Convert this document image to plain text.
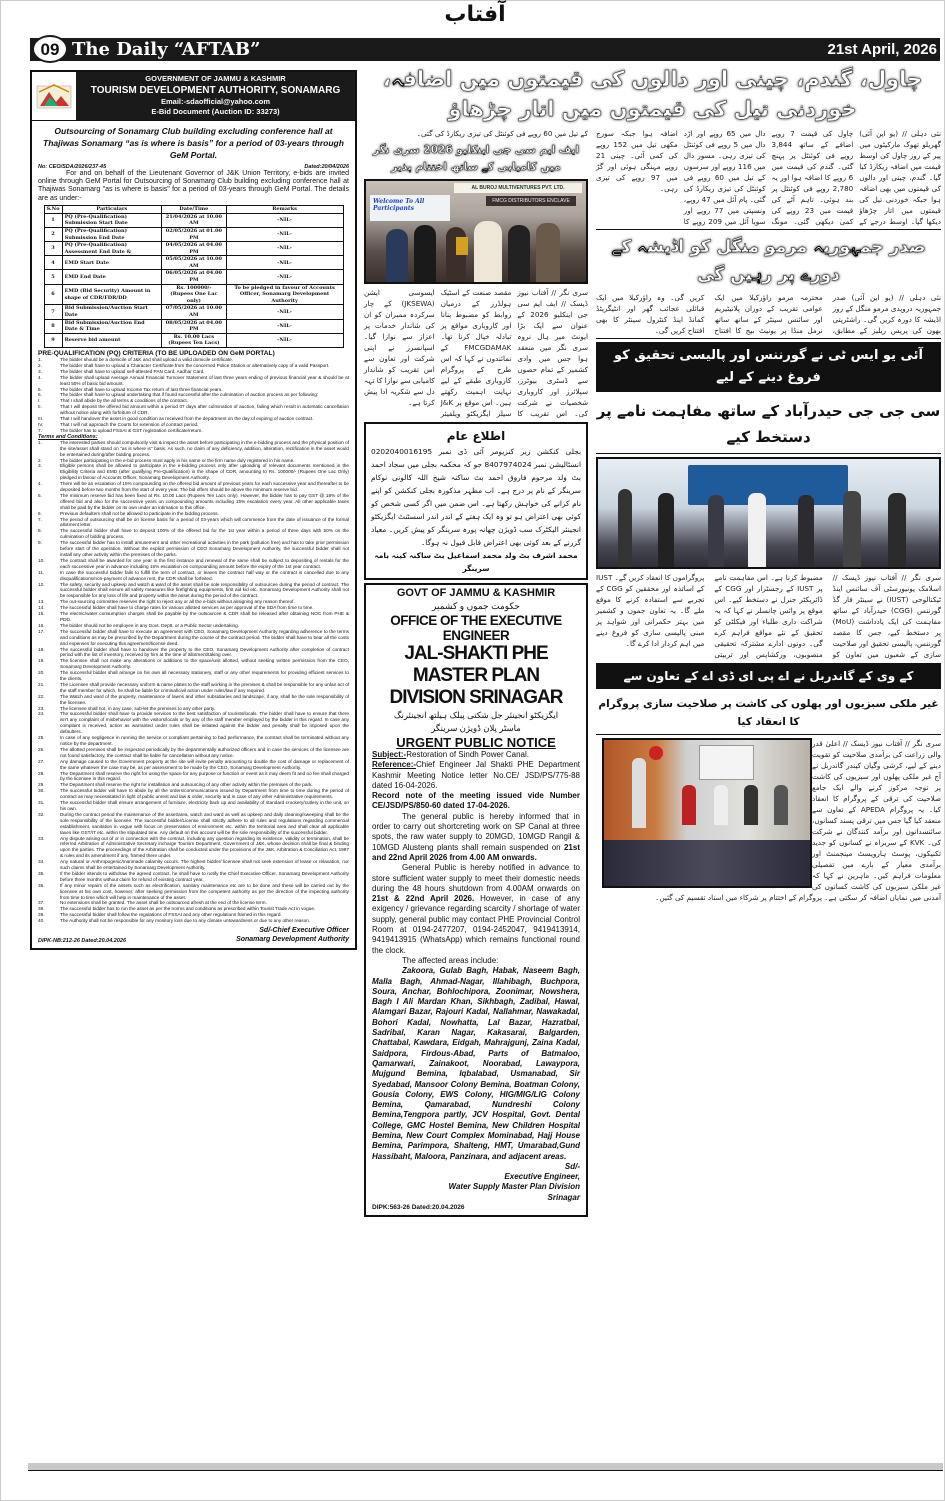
09 The Daily “AFTAB”	21st April, 2026
آفتاب
GOVERNMENT OF JAMMU & KASHMIR
TOURISM DEVELOPMENT AUTHORITY, SONAMARG
Email:-sdaofficial@yahoo.com
E-Bid Document (Auction ID: 33273)
Outsourcing of Sonamarg Club building excluding conference hall at Thajiwas Sonamarg “as is where is basis” for a period of 03-years through GeM Portal.
No: CEO/SDA/2026/237-45	Dated:20/04/2026
For and on behalf of the Lieutenant Governor of J&K Union Territory, e-bids are invited online through GeM Portal for Outsourcing of Sonamarg Club building excluding conference hall at Thajiwas Sonamarg "as is where is basis" for a period of 03-years through GeM Portal. The details are as under:-
S.No	Particulars	Date/Time	Remarks
1	PQ (Pre-Qualification) Submission Start Date	21/04/2026 at 10.00 AM	-NIL-
2	PQ (Pre-Qualification) Submission End Date	02/05/2026 at 01.00 PM	-NIL-
3	PQ (Pre-Qualification) Assessment End Date &	04/05/2026 at 04.00 PM	-NIL-
4	EMD Start Date	05/05/2026 at 10.00 AM	-NIL-
5	EMD End Date	06/05/2026 at 04.00 PM	-NIL-
6	EMD (Bid Security) Amount in shape of CDR/FDR/DD	Rs. 100000/- (Rupees One Lac only)	To be pledged in favour of Accounts Officer, Sonamarg Development Authority
7	Bid Submission/Auction Start Date	07/05/2026 at 10.00 AM	-NIL-
8	Bid Submission/Auction End Date & Time	08/05/2026 at 04.00 PM	-NIL-
9	Reserve bid amount	Rs. 10.00 Lacs (Rupees Ten Lacs)	-NIL-
PRE-QUALIFICATION (PQ) CRITERIA (TO BE UPLOADED ON GeM PORTAL)
1.	The bidder should be a domicile of J&K and shall upload a valid domicile certificate.
2.	The bidder shall have to upload a Character Certificate from the concerned Police Station or alternatively copy of a valid Passport.
3.	The bidder shall have to upload self-attested PAN Card, Aadhar Card.
4.	The bidder shall upload Average Annual Financial Turnover Statement of last three years ending of previous financial year & should be at least 50% of basic bid amount.
5.	The bidder shall have to upload Income Tax return of last three financial years.
6.	The bidder shall have to upload undertaking that if found successful after the culmination of auction process as per following:
I.	That I shall abide by the all terms & conditions of the contract.
II.	That I will deposit the offered bid amount within a period 07 days after culmination of auction, failing which result in automatic cancellation without notice along with forfeiture of CDR.
III.	That I will handover the asset in good condition as received from the department on the day of expiring of auction contract.
IV.	That I will not approach the Courts for extension of contract period.
7.	The bidder has to upload FSSAI & GST registration certificate/return.
Terms and Conditions:
1.	The interested parties should compulsorily visit & inspect the asset before participating in the e-bidding process and the physical position of the site/asset shall stand on "as is where is" basis. As such, no claim of any deficiency, addition, alteration, rectification in the asset would be entertained during/after bidding process.
2.	The bidder participating in the e-bid process must apply in his name or the firm name duly registered in his name.
3.	Eligible persons shall be allowed to participate in the e-bidding process only after uploading of relevant documents mentioned in the Eligibility Criteria and EMD (after qualifying Pre-Qualification) in the shape of CDR, amounting to Rs. 100000/- (Rupees One Lac Only) pledged in favour of Accounts Officer, Sonamarg Development Authority.
4.	There will be an escalation of 15% compounding on the offered bid amount of previous years for each successive year and thereafter to be deposited before two months from the start of every year. The bid offers should be above the minimum reserve bid.
5.	The minimum reserve bid has been fixed at Rs. 10.00 Lacs (Rupees Ten Lacs only). However, the bidder has to pay GST @ 18% of the offered bid and also for the successive years on compounding amounts including 15% escalation every year. All other applicable taxes shall be paid by the bidder on its own under an intimation to this office.
6.	Previous defaulters shall not be allowed to participate in the bidding process.
7.	The period of outsourcing shall be on license basis for a period of 03-years which will commence from the date of issuance of the formal allotment letter.
8.	The successful bidder shall have to deposit 100% of the offered bid for the 1st year within a period of three days with 50% on the culmination of bidding process.
9.	The successful bidder has to install amusement and other recreational activities in the park (pollution free) and has to take prior permission before start of the operation. Without the explicit permission of CEO Sonamarg Development Authority, the successful bidder shall not install any other activity within the premises of the parks.
10.	The contract shall be awarded for one year in the first instance and renewal of the same shall be subject to depositing of rentals for the each successive year in advance including 15% escalation on compounding amount before the expiry of the 1st year contract.
11.	In case the successful bidder fails to fulfill the term of contract, or leaves the contract half way or the contract is cancelled due to any disqualifications/non-payment of advance rent, the CDR shall be forfeited.
12.	The safety, security and upkeep and watch & ward of the asset shall be sole responsibility of outsourcee during the period of contract. The successful bidder shall ensure all safety measures like firefighting equipments, first aid kid etc. Sonamarg Development Authority shall not be responsible for any loss of life and property within the asset during the period of the contract.
13.	The out-sourcing committee reserves the right to reject any or all the e-bids without assigning any reason thereof.
14.	The successful bidder shall have to charge rates for various allotted services as per approval of the SDA from time to time.
15.	The electric/water consumption charges shall be payable by the outsourcee & CDR shall be released after obtaining NOC from PHE & PDD.
16.	The bidder should not be employee in any Govt. Deptt. or a Public Sector undertaking.
17.	The successful bidder shall have to execute an agreement with CEO, Sonamarg Development Authority regarding adherence to the terms and conditions as may be prescribed by the Department during the course of the contract period. The bidder shall have to bear all the costs and expenses for executing this agreement/license deed.
18.	The successful bidder shall have to handover the property to the CEO, Sonamarg Development Authority after completion of contract period with the list of inventory, received by him at the time of allotment/taking over.
19.	The licensee shall not make any alterations or additions to the space/unit allotted, without seeking written permission from the CEO, Sonamarg Development Authority.
20.	The successful bidder shall arrange on his own all necessary stationery, staff or any other requirements for providing efficient services to the clients.
21.	The Licensee shall provide necessary uniform & name plates to the staff working in the premises & shall be responsible for any unfair act of the staff member for which, he shall be liable for criminal/civil action under rules/law if any required.
22.	The Watch and ward of the property, maintenance of lawns and other subsidiaries and landscape, if any, shall be the sole responsibility of the licensee.
23.	The licensee shall not, in any case, sub-let the premises to any other party.
24.	The successful bidder shall have to provide services to the best satisfaction of tourists/locals. The bidder shall have to ensure that there isn't any complaint of misbehavior with the visitors/locals or by any of the staff member employed by the bidder in this regard. In case any complaint is received, action as warranted under rules shall be initiated against the bidder and penalty shall be imposed upon the defaulters.
25.	In case of any negligence in running the service or compliant pertaining to bad performance, the contract shall be terminated without any notice by the department.
26.	The allotted premises shall be inspected periodically by the departmentally authorized officers and in case the services of the licensee are not found satisfactory, the contract shall be liable for cancellation without any notice.
27.	Any damage caused to the Government property at the site will invite penalty amounting to double the cost of damage or replacement of the same whatever the case may be, as per assessment to be made by the CEO, Sonamarg Development Authority.
28.	The Department shall reserve the right for using the space for any purpose or function or event as it may deem fit and no fee shall charged by the licensee in this regard.
29.	The Department shall reserve the right for installation and outsourcing of any other activity within the premises of the park.
30.	The successful bidder will have to abide by all the orders/communications issued by Department from time to time during the period of contract as may necessitated in light of public unrest and law & order, security and in case of any other Administrative requirements.
31.	The successful bidder shall ensure arrangement of furniture, electricity back up and availability of standard crockery/cutlery in the unit, on his own.
32.	During the contract period the maintenance of the asset/area, watch and ward as well as upkeep and daily cleaning/sweeping shall be the sole responsibility of the licensee. The successful bidder/License shall strictly adhere to all rules and regulations regarding commercial establishment, sanitation in vogue with focus on preservation of environment etc. within the territorial area and shall clear all applicable taxes like GST/IT etc. within the stipulated time. Any default on this account will be the sole responsibility of the successful bidder.
33.	Any dispute arising out of or in connection with the contract, including any question regarding its existence, validity or termination, shall be referred Arbitration of Administrative Secretary incharge Tourism Department, Government of J&K, whose decision shall be final & binding upon the parties. The proceedings of the Arbitration shall be conducted under the provisions of the J&K, Arbitration & Conciliation Act, 1997 & rules and its amendment if any, framed there under.
34.	Any natural or Anthropogenic/manmade calamity occurs. The highest bidder/ licensee shall not seek extension of lease or relaxation, nor such claims shall be entertained by Sonamarg Development Authority.
35.	If the bidder intends to withdraw the agreed contract, he shall have to notify the Chief Executive Officer, Sonamarg Development Authority before three months without claim for refund of existing contract year.
36.	If any minor repairs of the assets such as electrification, sanitary maintenance etc are to be done and these will be carried out by the licensee at his own cost, however, after seeking permission from the competent authority as per the direction of the impecting authority from time to time which will help in maintenance of the asset.
37.	No extensions shall be granted. The asset shall be outsourced afresh at the end of the license term.
38.	The successful bidder has to run the asset as per the norms and conditions as prescribed within Tourist Trade Act in vogue.
39.	The successful bidder shall follow the regulations of FSSAI and any other regulations framed in this regard.
40.	The Authority shall not be responsible for any monitory loss due to any climate untowardness or due to any other reason.
DIPK-NB:212-26 Dated:20.04.2026
Sd/-Chief Executive Officer
Sonamarg Development Authority
چاول، گندم، چینی اور دالوں کی قیمتوں میں اضافہ، خوردنی تیل کی قیمتوں میں اتار چڑھاؤ
کے تیل میں 60 روپے فی کوئنٹل کی تیزی ریکارڈ کی گئی۔
ایف ایم سی جی اینکلیو 2026 سری نگر میں کامیابی کے ساتھ اختتام پذیر
AL BUROJ MULTIVENTURES PVT. LTD.
Welcome To All Participants
FMCG DISTRIBUTORS ENCLAVE
سری نگر // آفتاب نیوز ڈیسک // ایف ایم سی جی اینکلیو 2026 کے عنوان سے ایک بڑا ایونٹ میر ہال نروہ سری نگر میں منعقد ہوا جس میں وادی کشمیر کے تمام حصوں سے ڈسٹری بیوٹرز، سپلائرز اور کاروباری شخصیات نے شرکت کی۔ اس تقریب کا مقصد صنعت کے اسٹیک ہولڈرز کے درمیان روابط کو مضبوط بنانا اور کاروباری مواقع پر تبادلہ خیال کرنا تھا۔ FMCGDAMAK کے نمائندوں نے کہا کہ اس طرح کے پروگرام کاروباری طبقے کے لیے نہایت اہمیت رکھتے ہیں۔ اس موقع پر J&K سیلز ایگزیکٹو ویلفیئر ایسوسی ایشن (JKSEWA) کے چار سرکردہ ممبران کو ان کی شاندار خدمات پر اعزاز سے نوازا گیا۔ اسپانسرز نے اپنی شرکت اور تعاون سے اس تقریب کو شاندار کامیابی سے نوازا کا تہہ دل سے شکریہ ادا پیش کرتا ہے۔
اطلاع عام
بجلی کنکشن زیر کنزیومر آئی ڈی نمبر 0202040016195 انسٹالیشن نمبر 8407974024 جو کہ محکمہ بجلی میں سجاد احمد بٹ ولد مرحوم فاروق احمد بٹ ساکنہ شیخ اللہ کالونی نوکام سرینگر کے نام پر درج ہے۔ اب مظہر مذکورہ بجلی کنکشن کو اپنے نام کرانے کی خواہش رکھتا ہے۔ اس ضمن میں اگر کسی شخص کو کوئی بھی اعتراض ہو تو وہ ایک ہفتے کے اندر اندر اسسٹنٹ ایگزیکٹو انجینئر الیکٹرک سب ڈویژن چھانہ پورہ سرینگر کو پیش کریں۔ معیاد گزرنے کے بعد کوئی بھی اعتراض قابل قبول نہ ہوگا۔
محمد اشرف بٹ ولد محمد اسماعیل بٹ ساکنہ کینہ بامہ سرینگر
GOVT OF JAMMU & KASHMIR
حکومت جموں و کشمیر
OFFICE OF THE EXECUTIVE ENGINEER
JAL-SHAKTI PHE MASTER PLAN
DIVISION SRINAGAR
ایگزیکٹو انجینئر جل شکتی پبلک ہیلتھ انجینئرنگ ماسٹر پلان ڈویژن سرینگر
URGENT PUBLIC NOTICE

Subject:-Restoration of Sindh Power Canal.

Reference:-Chief Engineer Jal Shakti PHE Department Kashmir Meeting Notice letter No.CE/ JSD/PS/775-88 dated 16-04-2026.

Record note of the meeting issued vide Number CE/JSD/PS/850-60 dated 17-04-2026.

The general public is hereby informed that in order to carry out shortcreting work on SP Canal at three spots, the raw water supply to 20MGD, 10MGD Rangil & 10MGD Alusteng plants shall remain suspended on 21st and 22nd April 2026 from 4.00 AM onwards.

General Public is hereby notified in advance to store sufficient water supply to meet their domestic needs during the 48 hours shutdown from 4.00AM onwards on 21st & 22nd April 2026. However, in case of any exigency / grievance regarding scarcity / shortage of water supply, general public may contact PHE Provincial Control Room at 0194-2477207, 0194-2452047, 9419413914, 9419413915 (WhatsApp) which remains functional round the clock.

The affected areas include:

Zakoora, Gulab Bagh, Habak, Naseem Bagh, Malla Bagh, Ahmad-Nagar, Illahibagh, Buchpora, Soura, Anchar, Bohlochipora, Zoonimar, Nowshera, Bagh I Ali Mardan Khan, Sikhbagh, Zadibal, Hawal, Alamgari Bazar, Rajouri Kadal, Nallahmar, Nawakadal, Bohori Kadal, Nowhatta, Lal Bazar, Hazratbal, Sadribal, Karan Nagar, Kakasarai, Balgarden, Chattabal, Kawdara, Eidgah, Mahrajgunj, Zaina Kadal, Saidpora, Firdous-Abad, Parts of Batmaloo, Qamarwari, Zainakoot, Noorabad, Lawaypora, Mujgund Bemina, Iqbalabad, Usmanabad, Sir Syedabad, Mansoor Colony Bemina, Boatman Colony, Gousia Colony, EWS Colony, HIG/MIG/LIG Colony Bemina, Qamarabad, Nundreshi Colony Bemina,Tengpora partly, JCV Hospital, Govt. Dental College, GMC Hostel Bemina, New Children Hospital Bemina, New Court Complex Mominabad, Hajj House Bemina, Parimpora, Shalteng, HMT, Umarabad,Gund Hassibaht, Maloora, Panzinara, and adjacent areas.

Sd/-

Executive Engineer,

Water Supply Master Plan Division

Srinagar

DIPK:563-26 Dated:20.04.2026

نئی دہلی // (یو این آئی) گھریلو تھوک مارکیٹوں میں پیر کے روز چاول کی اوسط قیمت میں اضافہ ریکارڈ کیا گیا۔ گندم، چینی اور دالوں کی قیمتوں میں بھی اضافہ ہوا جبکہ خوردنی تیل کی قیمتوں میں اتار چڑھاؤ دیکھا گیا۔ اوسط درجے کے چاول کی قیمت 7 روپے اضافے کے ساتھ 3,844 روپے فی کوئنٹل پر پہنچ گئی۔ گندم کی قیمت میں 6 روپے کا اضافہ ہوا اور یہ 2,780 روپے فی کوئنٹل پر بند ہوئی۔ تاہم آٹے کی قیمت میں 23 روپے کی کمی دیکھی گئی۔ مونگ دال میں 65 روپے اور اڑد دال میں 5 روپے فی کوئنٹل کی تیزی رہی۔ مسور دال میں 116 روپے اور سرسوں کے تیل میں 60 روپے فی کوئنٹل کی تیزی ریکارڈ کی گئی۔ پام آئل میں 47 روپے، ونسپتی میں 77 روپے اور سویا آئل میں 209 روپے کا اضافہ ہوا جبکہ سورج مکھی تیل میں 152 روپے کی کمی آئی۔ چینی 21 روپے مہنگی ہوئی اور گڑ میں 97 روپے کی تیزی رہی۔
صدر جمہوریہ مرمو منگل کو اڈیشہ کے دورے پر رہیں گی
نئی دہلی // (یو این آئی) صدر جمہوریہ دروپدی مرمو منگل کے روز اڈیشہ کا دورہ کریں گی۔ راشٹرپتی بھون کی پریس ریلیز کے مطابق، محترمہ مرمو راؤرکیلا میں ایک عوامی تقریب کے دوران پلانیٹیریم اور سائنس سینٹر کے ساتھ ساتھ نرمل منڈا پر یونیٹ بیج کا افتتاح کریں گی۔ وہ راؤرکیلا میں ایک قبائلی عجائب گھر اور انٹیگریٹڈ کمانڈ اینڈ کنٹرول سینٹر کا بھی افتتاح کریں گی۔
آئی یو ایس ٹی نے گورننس اور پالیسی تحقیق کو فروغ دینے کے لیے
سی جی جی حیدرآباد کے ساتھ مفاہمت نامے پر دستخط کیے
سری نگر // آفتاب نیوز ڈیسک // اسلامک یونیورسٹی آف سائنس اینڈ ٹیکنالوجی (IUST) نے سینٹر فار گڈ گورننس (CGG) حیدرآباد کے ساتھ مفاہمت کی ایک یادداشت (MoU) پر دستخط کیے، جس کا مقصد گورننس، پالیسی تحقیق اور صلاحیت سازی کے شعبوں میں تعاون کو مضبوط کرنا ہے۔ اس مفاہمت نامے پر IUST کے رجسٹرار اور CGG کے ڈائریکٹر جنرل نے دستخط کیے۔ اس موقع پر وائس چانسلر نے کہا کہ یہ شراکت داری طلباء اور فیکلٹی کو تحقیق کے نئے مواقع فراہم کرے گی۔ دونوں ادارے مشترکہ تحقیقی منصوبوں، ورکشاپس اور تربیتی پروگراموں کا انعقاد کریں گے۔ IUST کے اساتذہ اور محققین کو CGG کے تجربے سے استفادہ کرنے کا موقع ملے گا۔ یہ تعاون جموں و کشمیر میں بہتر حکمرانی اور شواہد پر مبنی پالیسی سازی کو فروغ دینے میں اہم کردار ادا کرے گا۔
کے وی کے گاندربل نے اے پی ای ڈی اے کے تعاون سے
غیر ملکی سبزیوں اور پھلوں کی کاشت پر صلاحیت سازی پروگرام کا انعقاد کیا
سری نگر // آفتاب نیوز ڈیسک // اعلیٰ قدر والی زراعت کی برآمدی صلاحیت کو تقویت دینے کے لیے، کرشی وگیان کیندر گاندربل نے آج غیر ملکی پھلوں اور سبزیوں کی کاشت پر توجہ مرکوز کرنے والے ایک جامع صلاحیت کی ترقی کے پروگرام کا انعقاد کیا۔ یہ پروگرام APEDA کے تعاون سے منعقد کیا گیا جس میں ترقی پسند کسانوں، سائنسدانوں اور برآمد کنندگان نے شرکت کی۔ KVK کے سربراہ نے کسانوں کو جدید تکنیکوں، پوسٹ ہارویسٹ مینجمنٹ اور برآمدی معیار کے بارے میں تفصیلی معلومات فراہم کیں۔ ماہرین نے کہا کہ غیر ملکی سبزیوں کی کاشت کسانوں کی آمدنی میں نمایاں اضافہ کر سکتی ہے۔ پروگرام کے اختتام پر شرکاء میں اسناد تقسیم کی گئیں۔
